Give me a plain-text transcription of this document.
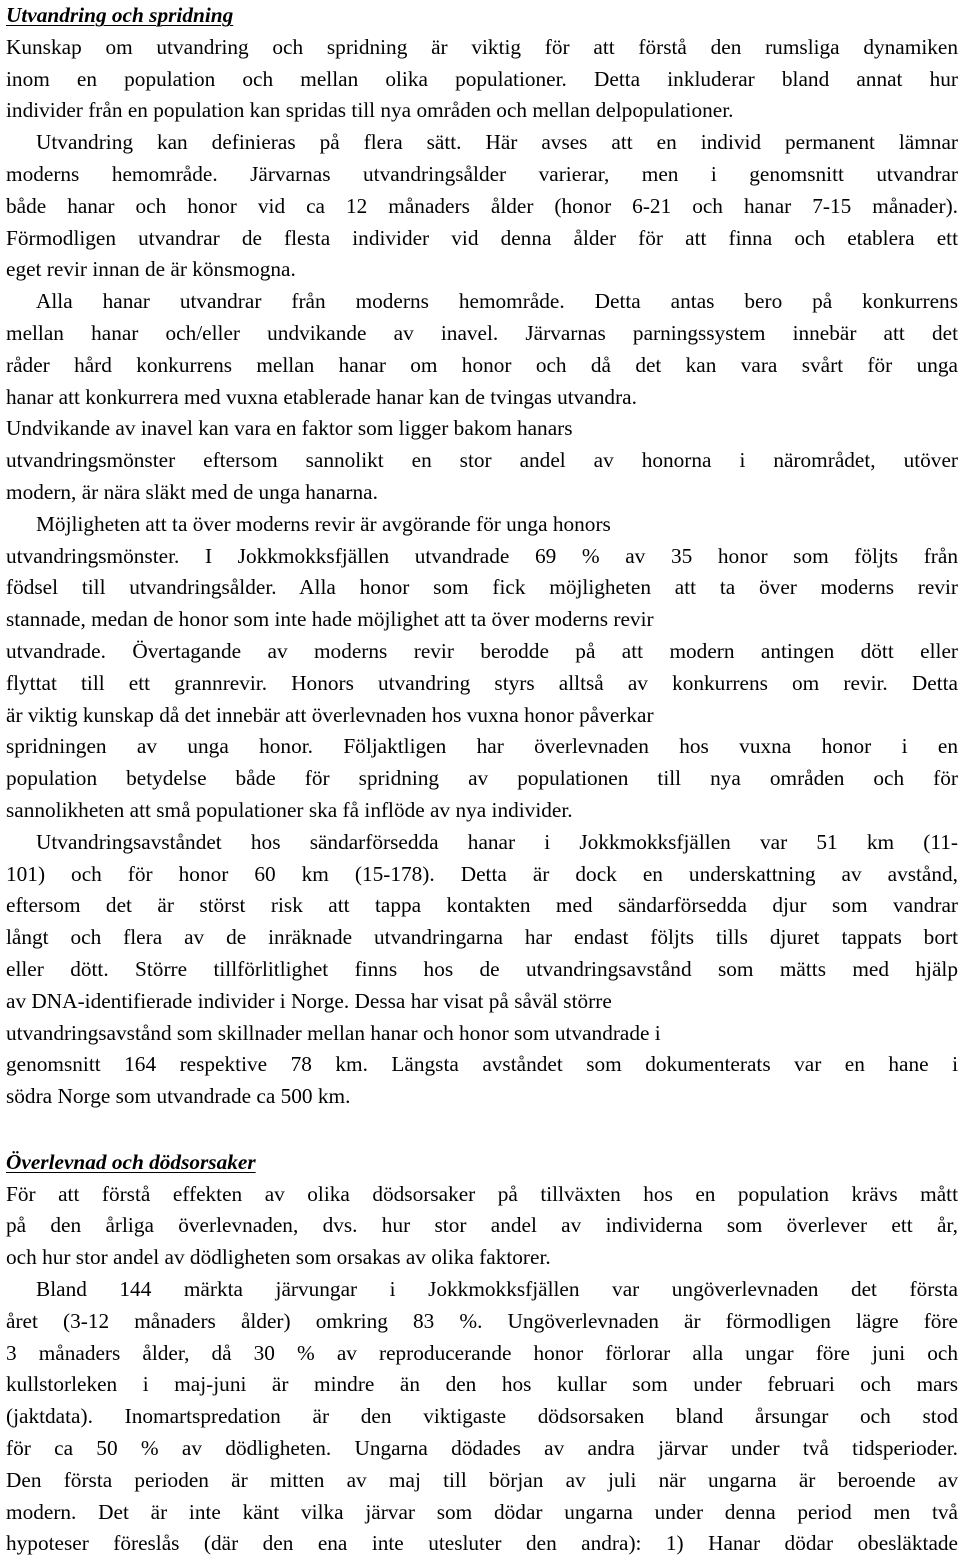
Utvandring och spridning
Kunskap om utvandring och spridning är viktig för att förstå den rumsliga dynamiken
inom en population och mellan olika populationer. Detta inkluderar bland annat hur
individer från en population kan spridas till nya områden och mellan delpopulationer.
Utvandring kan definieras på flera sätt. Här avses att en individ permanent lämnar
moderns hemområde. Järvarnas utvandringsålder varierar, men i genomsnitt utvandrar
både hanar och honor vid ca 12 månaders ålder (honor 6-21 och hanar 7-15 månader).
Förmodligen utvandrar de flesta individer vid denna ålder för att finna och etablera ett
eget revir innan de är könsmogna.
Alla hanar utvandrar från moderns hemområde. Detta antas bero på konkurrens
mellan hanar och/eller undvikande av inavel. Järvarnas parningssystem innebär att det
råder hård konkurrens mellan hanar om honor och då det kan vara svårt för unga
hanar att konkurrera med vuxna etablerade hanar kan de tvingas utvandra.
Undvikande av inavel kan vara en faktor som ligger bakom hanars
utvandringsmönster eftersom sannolikt en stor andel av honorna i närområdet, utöver
modern, är nära släkt med de unga hanarna.
Möjligheten att ta över moderns revir är avgörande för unga honors
utvandringsmönster. I Jokkmokksfjällen utvandrade 69 % av 35 honor som följts från
födsel till utvandringsålder. Alla honor som fick möjligheten att ta över moderns revir
stannade, medan de honor som inte hade möjlighet att ta över moderns revir
utvandrade. Övertagande av moderns revir berodde på att modern antingen dött eller
flyttat till ett grannrevir. Honors utvandring styrs alltså av konkurrens om revir. Detta
är viktig kunskap då det innebär att överlevnaden hos vuxna honor påverkar
spridningen av unga honor. Följaktligen har överlevnaden hos vuxna honor i en
population betydelse både för spridning av populationen till nya områden och för
sannolikheten att små populationer ska få inflöde av nya individer.
Utvandringsavståndet hos sändarförsedda hanar i Jokkmokksfjällen var 51 km (11-
101) och för honor 60 km (15-178). Detta är dock en underskattning av avstånd,
eftersom det är störst risk att tappa kontakten med sändarförsedda djur som vandrar
långt och flera av de inräknade utvandringarna har endast följts tills djuret tappats bort
eller dött. Större tillförlitlighet finns hos de utvandringsavstånd som mätts med hjälp
av DNA-identifierade individer i Norge. Dessa har visat på såväl större
utvandringsavstånd som skillnader mellan hanar och honor som utvandrade i
genomsnitt 164 respektive 78 km. Längsta avståndet som dokumenterats var en hane i
södra Norge som utvandrade ca 500 km.
Överlevnad och dödsorsaker
För att förstå effekten av olika dödsorsaker på tillväxten hos en population krävs mått
på den årliga överlevnaden, dvs. hur stor andel av individerna som överlever ett år,
och hur stor andel av dödligheten som orsakas av olika faktorer.
Bland 144 märkta järvungar i Jokkmokksfjällen var ungöverlevnaden det första
året (3-12 månaders ålder) omkring 83 %. Ungöverlevnaden är förmodligen lägre före
3 månaders ålder, då 30 % av reproducerande honor förlorar alla ungar före juni och
kullstorleken i maj-juni är mindre än den hos kullar som under februari och mars
(jaktdata). Inomartspredation är den viktigaste dödsorsaken bland årsungar och stod
för ca 50 % av dödligheten. Ungarna dödades av andra järvar under två tidsperioder.
Den första perioden är mitten av maj till början av juli när ungarna är beroende av
modern. Det är inte känt vilka järvar som dödar ungarna under denna period men två
hypoteser föreslås (där den ena inte utesluter den andra): 1) Hanar dödar obesläktade
